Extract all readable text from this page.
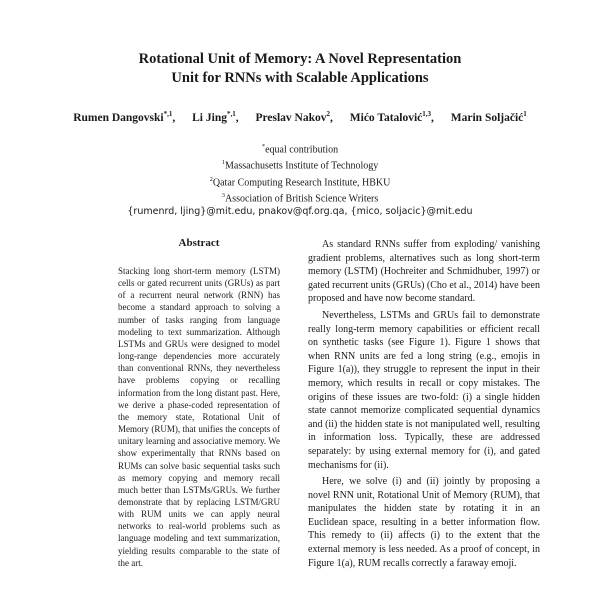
Rotational Unit of Memory: A Novel Representation
Unit for RNNs with Scalable Applications
Rumen Dangovski$^{*,1}$, Li Jing$^{*,1}$, Preslav Nakov$^2$, Mićo Tatalović$^{1,3}$, Marin Soljačić$^1$
*equal contribution
$^1$Massachusetts Institute of Technology
$^2$Qatar Computing Research Institute, HBKU
$^3$Association of British Science Writers
{rumenrd, ljing}@mit.edu, pnakov@qf.org.qa, {mico, soljacic}@mit.edu
Abstract
Stacking long short-term memory (LSTM) cells or gated recurrent units (GRUs) as part of a recurrent neural network (RNN) has become a standard approach to solving a number of tasks ranging from language modeling to text summarization. Although LSTMs and GRUs were designed to model long-range dependencies more accurately than conventional RNNs, they nevertheless have problems copying or recalling information from the long distant past. Here, we derive a phase-coded representation of the memory state, Rotational Unit of Memory (RUM), that unifies the concepts of unitary learning and associative memory. We show experimentally that RNNs based on RUMs can solve basic sequential tasks such as memory copying and memory recall much better than LSTMs/GRUs. We further demonstrate that by replacing LSTM/GRU with RUM units we can apply neural networks to real-world problems such as language modeling and text summarization, yielding results comparable to the state of the art.

As standard RNNs suffer from exploding/ vanishing gradient problems, alternatives such as long short-term memory (LSTM) (Hochreiter and Schmidhuber, 1997) or gated recurrent units (GRUs) (Cho et al., 2014) have been proposed and have now become standard.

Nevertheless, LSTMs and GRUs fail to demonstrate really long-term memory capabilities or efficient recall on synthetic tasks (see Figure 1). Figure 1 shows that when RNN units are fed a long string (e.g., emojis in Figure 1(a)), they struggle to represent the input in their memory, which results in recall or copy mistakes. The origins of these issues are two-fold: (i) a single hidden state cannot memorize complicated sequential dynamics and (ii) the hidden state is not manipulated well, resulting in information loss. Typically, these are addressed separately: by using external memory for (i), and gated mechanisms for (ii).

Here, we solve (i) and (ii) jointly by proposing a novel RNN unit, Rotational Unit of Memory (RUM), that manipulates the hidden state by rotating it in an Euclidean space, resulting in a better information flow. This remedy to (ii) affects (i) to the extent that the external memory is less needed. As a proof of concept, in Figure 1(a), RUM recalls correctly a faraway emoji.
